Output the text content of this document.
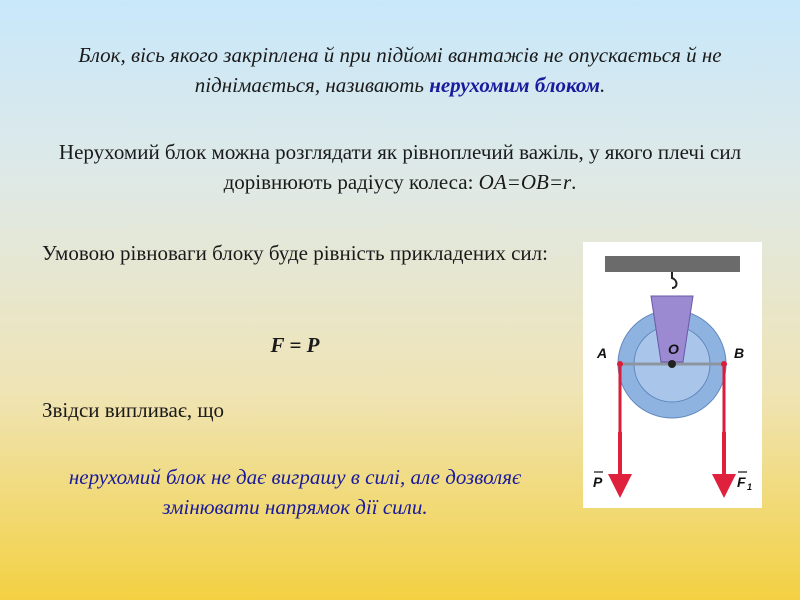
Блок, вісь якого закріплена й при підйомі вантажів не опускається й не піднімається, називають нерухомим блоком.

Нерухомий блок можна розглядати як рівноплечий важіль, у якого плечі сил дорівнюють радіусу колеса: OA=OB=r.

Умовою рівноваги блоку буде рівність прикладених сил:

F = P

Звідси випливає, що

нерухомий блок не дає виграшу в силі, але дозволяє змінювати напрямок дії сили.

A	B
O
P	F 1
